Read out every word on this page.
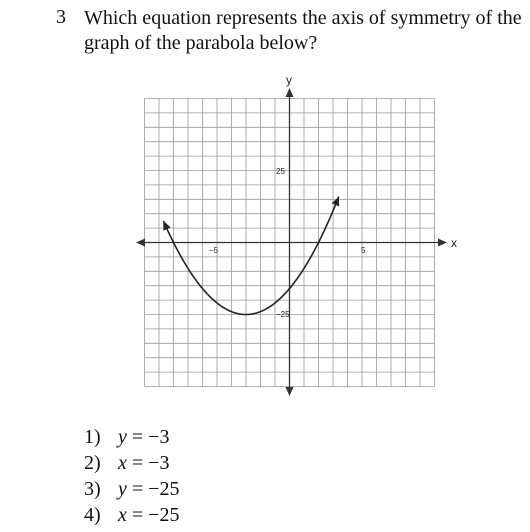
3 Which equation represents the axis of symmetry of the graph of the parabola below?
y
x
−5	5
25
−25
1) y = −3
2) x = −3
3) y = −25
4) x = −25
